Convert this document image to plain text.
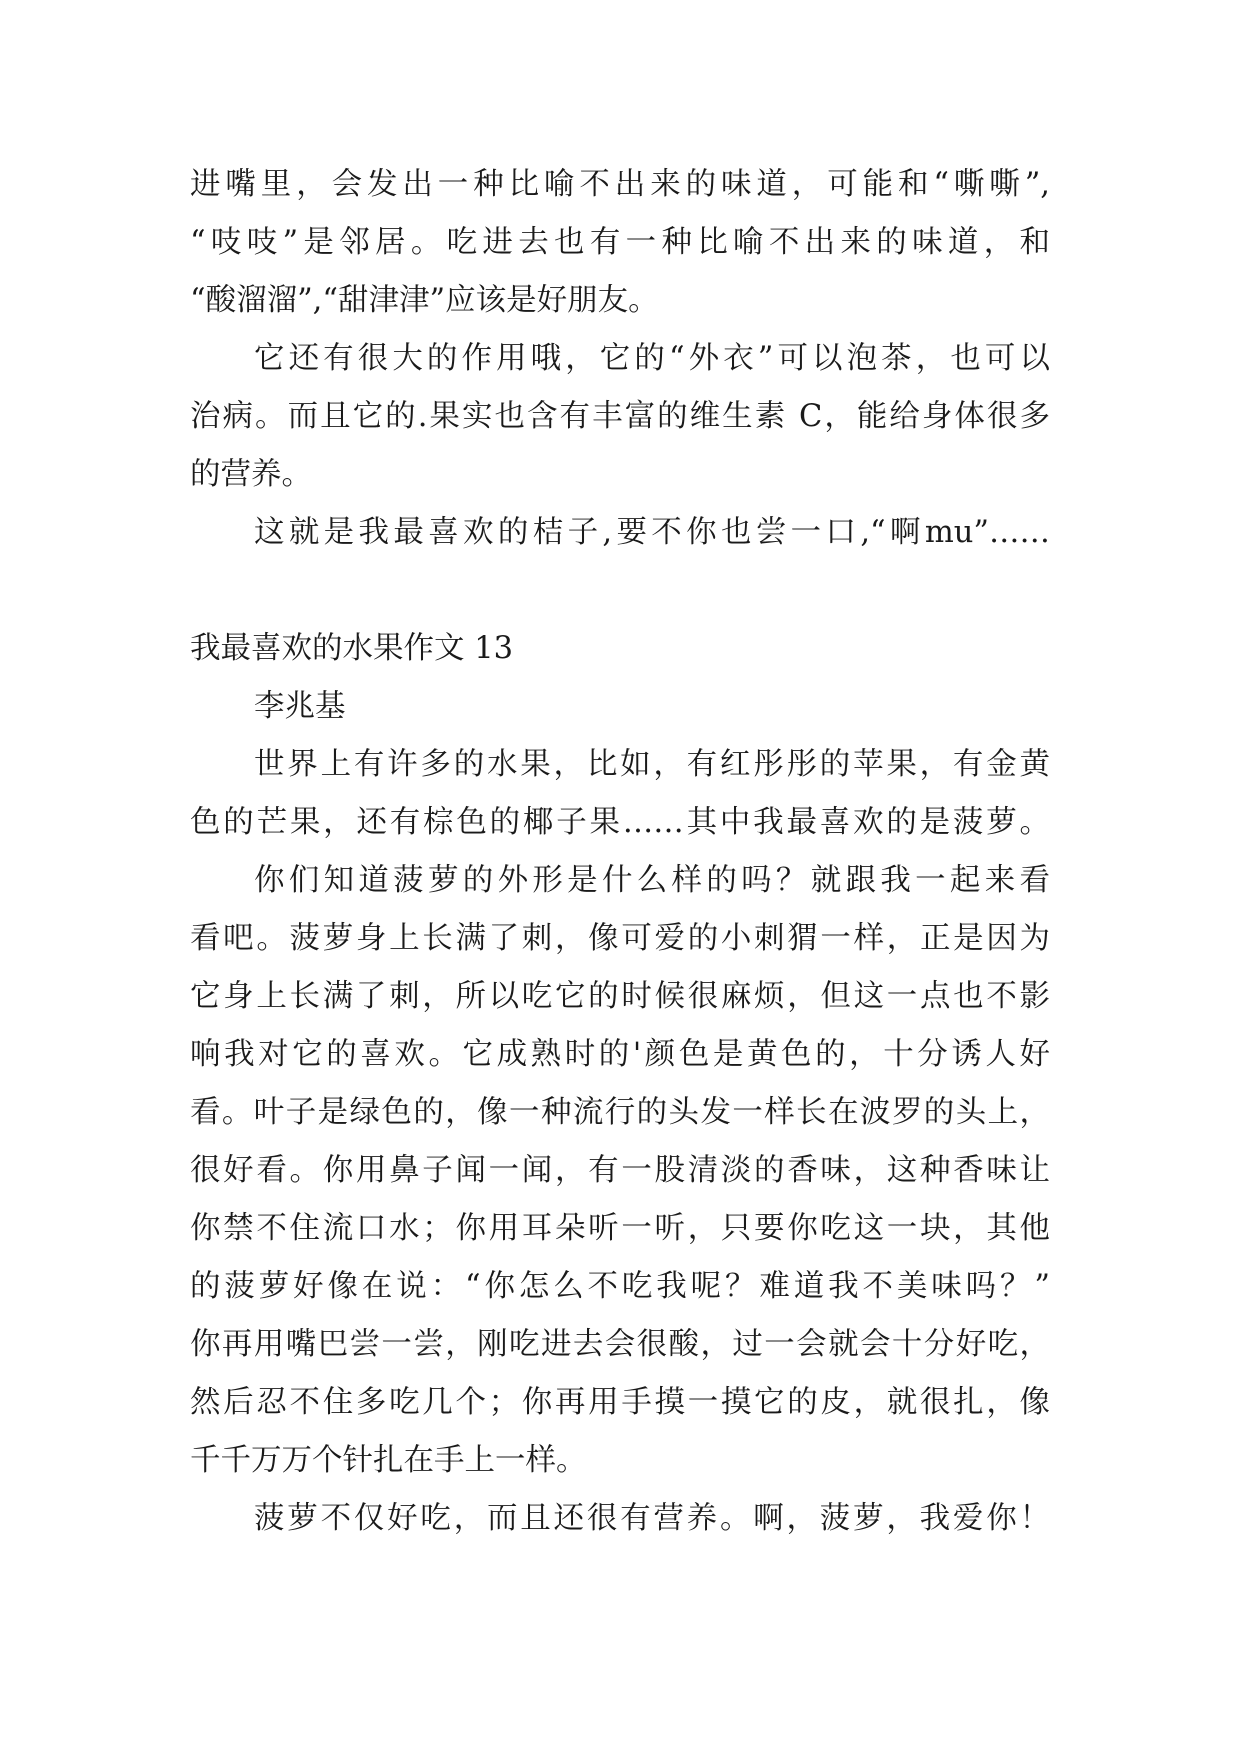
进嘴里，会发出一种比喻不出来的味道，可能和“嘶嘶”,
“吱吱”是邻居。吃进去也有一种比喻不出来的味道，和
“酸溜溜”,“甜津津”应该是好朋友。
它还有很大的作用哦，它的“外衣”可以泡茶，也可以
治病。而且它的.果实也含有丰富的维生素 C，能给身体很多
的营养。
这就是我最喜欢的桔子,要不你也尝一口,“啊mu”……
我最喜欢的水果作文 13
李兆基
世界上有许多的水果，比如，有红彤彤的苹果，有金黄
色的芒果，还有棕色的椰子果……其中我最喜欢的是菠萝。
你们知道菠萝的外形是什么样的吗？就跟我一起来看
看吧。菠萝身上长满了刺，像可爱的小刺猬一样，正是因为
它身上长满了刺，所以吃它的时候很麻烦，但这一点也不影
响我对它的喜欢。它成熟时的'颜色是黄色的，十分诱人好
看。叶子是绿色的，像一种流行的头发一样长在波罗的头上，
很好看。你用鼻子闻一闻，有一股清淡的香味，这种香味让
你禁不住流口水；你用耳朵听一听，只要你吃这一块，其他
的菠萝好像在说：“你怎么不吃我呢？难道我不美味吗？”
你再用嘴巴尝一尝，刚吃进去会很酸，过一会就会十分好吃，
然后忍不住多吃几个；你再用手摸一摸它的皮，就很扎，像
千千万万个针扎在手上一样。
菠萝不仅好吃，而且还很有营养。啊，菠萝，我爱你！
